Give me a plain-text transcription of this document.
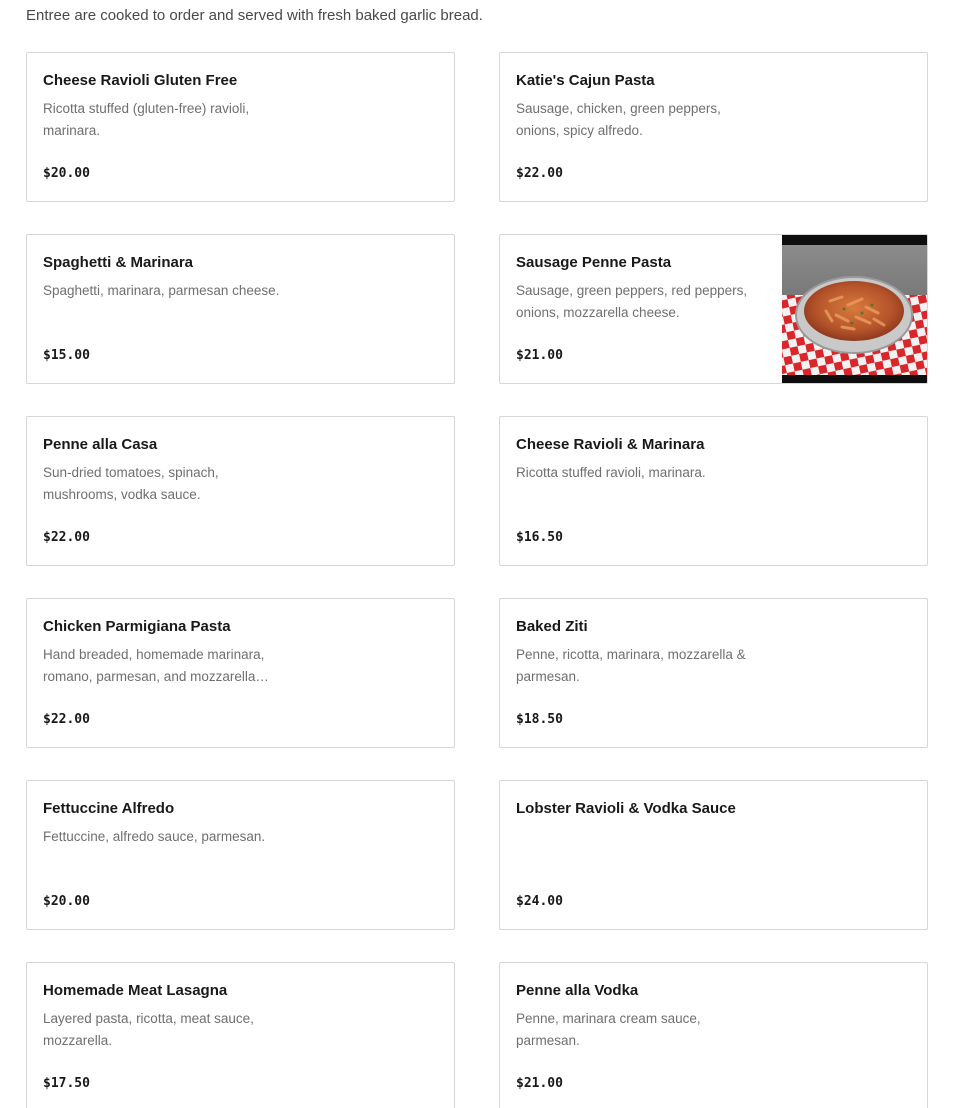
Entree are cooked to order and served with fresh baked garlic bread.

Cheese Ravioli Gluten Free

Ricotta stuffed (gluten-free) ravioli, marinara.

$20.00
Katie's Cajun Pasta

Sausage, chicken, green peppers, onions, spicy alfredo.

$22.00
Spaghetti & Marinara

Spaghetti, marinara, parmesan cheese.

$15.00
Sausage Penne Pasta

Sausage, green peppers, red peppers, onions, mozzarella cheese.

$21.00
Penne alla Casa

Sun-dried tomatoes, spinach, mushrooms, vodka sauce.

$22.00
Cheese Ravioli & Marinara

Ricotta stuffed ravioli, marinara.

$16.50
Chicken Parmigiana Pasta

Hand breaded, homemade marinara, romano, parmesan, and mozzarella…

$22.00
Baked Ziti

Penne, ricotta, marinara, mozzarella & parmesan.

$18.50
Fettuccine Alfredo

Fettuccine, alfredo sauce, parmesan.

$20.00
Lobster Ravioli & Vodka Sauce

$24.00
Homemade Meat Lasagna

Layered pasta, ricotta, meat sauce, mozzarella.

$17.50
Penne alla Vodka

Penne, marinara cream sauce, parmesan.

$21.00
